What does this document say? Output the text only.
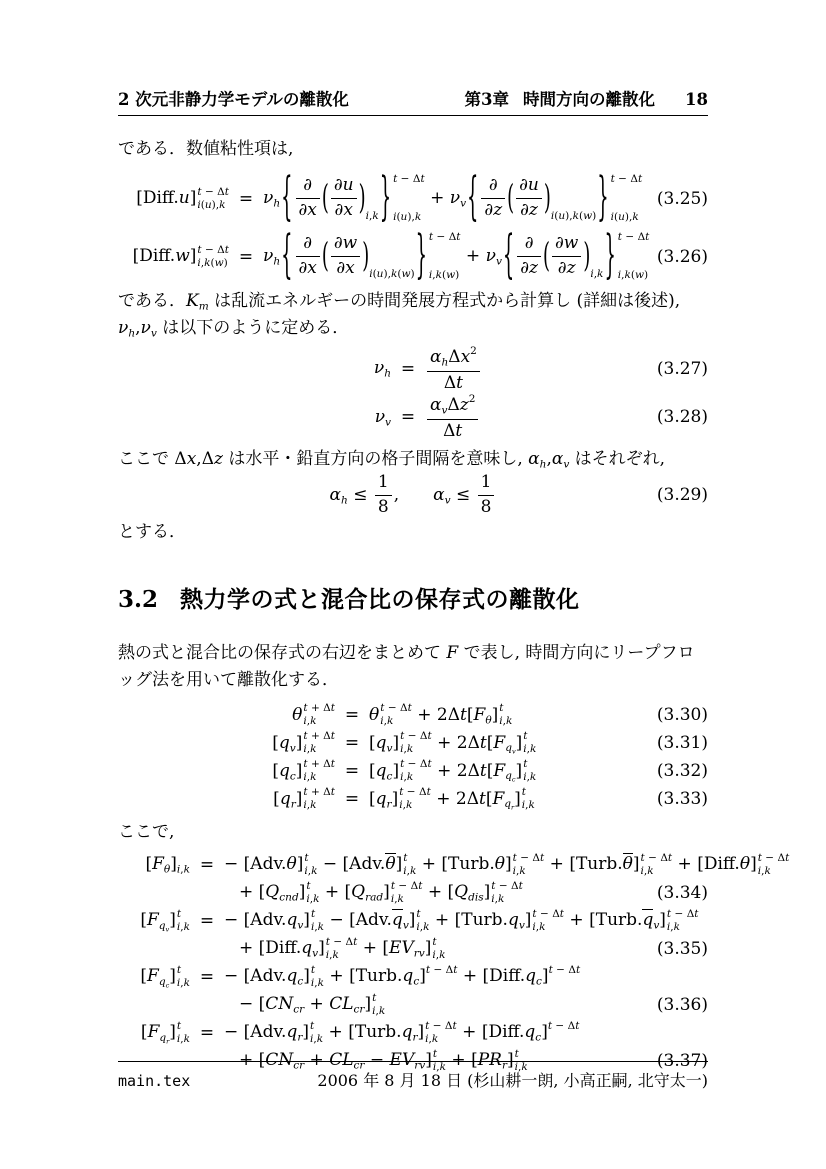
2 次元非静力学モデルの離散化	第3章 時間方向の離散化 18

である．数値粘性項は,

[Diff.u] t − Δt
$i(u),k = \nu_h\{ \frac{\partial}{\partial x}$ ( $\frac{\partial u}{\partial x} )_{i,k}$} t − Δt
i(u),k
+ $\nu_v\{ \frac{\partial}{\partial z}$ ( $\frac{\partial u}{\partial z} )_{i(u),k(w)}$} t − Δt
i(u),k
(3.25)
[Diff.w] t − Δt
$i,k(w) = \nu_h\{ \frac{\partial}{\partial x}$ ( $\frac{\partial w}{\partial x} )_{i(u),k(w)}$} t − Δt
i,k(w)
+ $\nu_v\{ \frac{\partial}{\partial z}$ ( $\frac{\partial w}{\partial z} )_{i,k}$} t − Δt
i,k(w)
(3.26)

である．$K_m$ は乱流エネルギーの時間発展方程式から計算し (詳細は後述), $\nu_h,\nu_v$ は以下のように定める．

$\nu_h = \frac{\alpha_h\Delta x^2}{\Delta t}$	(3.27)
$\nu_v = \frac{\alpha_v\Delta z^2}{\Delta t}$	(3.28)

ここで Δx,Δz は水平・鉛直方向の格子間隔を意味し, $\alpha_h,\alpha_v$ はそれぞれ,

$\alpha_h \le \frac{1}{8}$ ,   $\alpha_v \le \frac{1}{8}$	(3.29)

とする．

3.2 熱力学の式と混合比の保存式の離散化

熱の式と混合比の保存式の右辺をまとめて F で表し, 時間方向にリープフロッグ法を用いて離散化する．

θ t + Δt
i,k	= θ t − Δt
i,k	+ $2\Delta t[F_\theta]$ t
i,k	(3.30)
$[q_v] t + \Delta t$
i,k	= $[q_v] t - \Delta t$
i,k	+ $2\Delta t[F_{q_v}]$ t
i,k	(3.31)
$[q_c] t + \Delta t$
i,k	= $[q_c] t - \Delta t$
i,k	+ $2\Delta t[F_{q_c}]$ t
i,k	(3.32)
$[q_r] t + \Delta t$
i,k	= $[q_r] t - \Delta t$
i,k	+ $2\Delta t[F_{q_r}]$ t
i,k	(3.33)

ここで,

$[F_\theta]_{i,k}$ = − [Adv.θ] t
i,k − [Adv.θ] t
i,k + [Turb.θ] t − Δt
i,k	+ [Turb.θ] t − Δt
i,k	+ [Diff.θ] t − Δt
i,k
+ $[Q_{cnd}]$ t
$i,k + [Q_{rad}] t - \Delta t$
i,k	+ $[Q_{dis}] t - \Delta t$
i,k	(3.34)
$[F_{q_v}]$ t
i,k = − $[Adv.q_v]$ t
$i,k - [Adv.q_v]$ t
$i,k + [Turb.q_v] t - \Delta t$
i,k	+ $[Turb.q_v] t - \Delta t$
i,k
+ $[Diff.q_v] t - \Delta t$
i,k	+ $[EV_{rv}]$ t
i,k	(3.35)
$[F_{q_c}]$ t
i,k = − $[Adv.q_c]$ t
$i,k + [Turb.q_c]^{t - \Delta t}$ + $[Diff.q_c]^{t - \Delta t}$
− $[CN_{cr} + CL_{cr}]$ t
i,k	(3.36)
$[F_{q_r}]$ t
i,k = − $[Adv.q_r]$ t
$i,k + [Turb.q_r] t - \Delta t$
i,k	+ $[Diff.q_c]^{t - \Delta t}$
+ $[CN_{cr} + CL_{cr} - EV_{rv}]$ t
$i,k + [PR_r]$ t
i,k	(3.37)
main.tex	2006 年 8 月 18 日 (杉山耕一朗, 小高正嗣, 北守太一)
